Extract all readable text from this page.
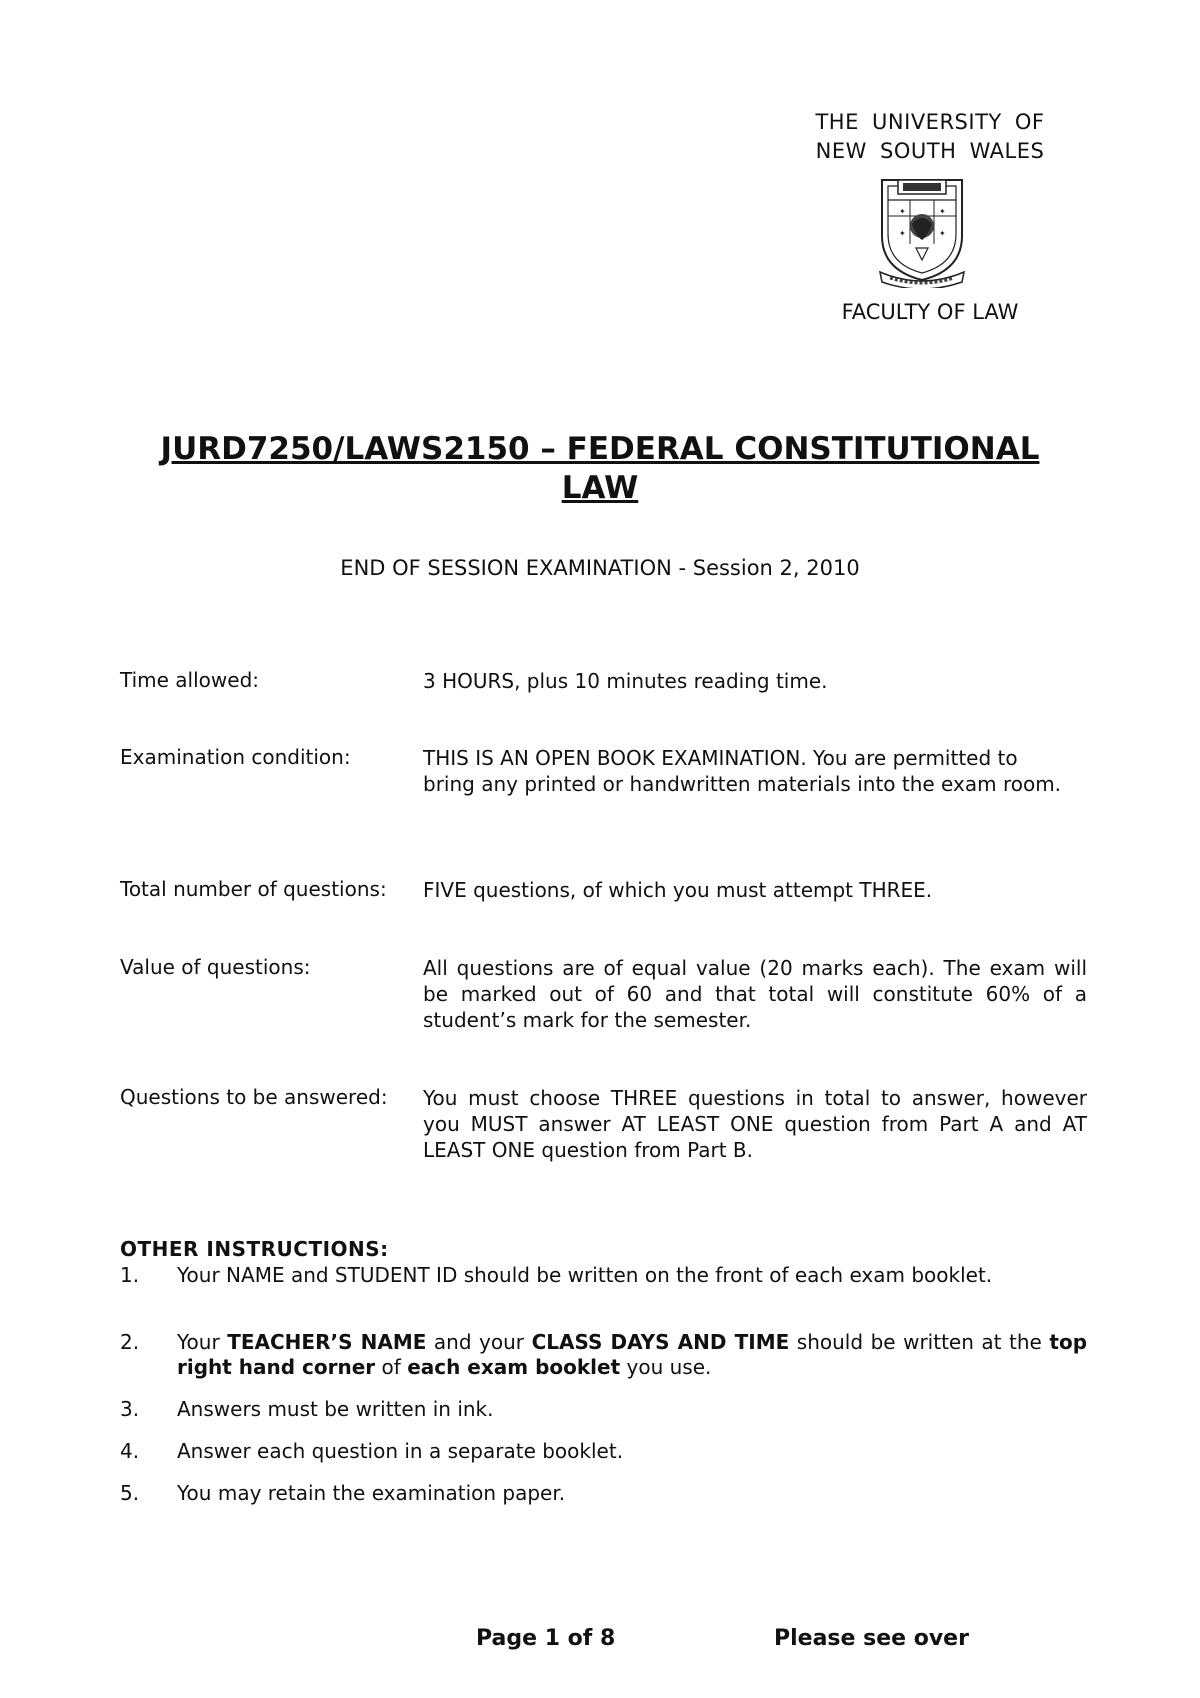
THE UNIVERSITY OF
NEW SOUTH WALES
✦	✦
✦	✦
FACULTY OF LAW
JURD7250/LAWS2150 – FEDERAL CONSTITUTIONAL
LAW
END OF SESSION EXAMINATION - Session 2, 2010
Time allowed:	3 HOURS, plus 10 minutes reading time.
Examination condition:	THIS IS AN OPEN BOOK EXAMINATION. You are permitted to bring any printed or handwritten materials into the exam room.
Total number of questions: FIVE questions, of which you must attempt THREE.
Value of questions:	All questions are of equal value (20 marks each). The exam will be marked out of 60 and that total will constitute 60% of a student’s mark for the semester.
Questions to be answered: You must choose THREE questions in total to answer, however you MUST answer AT LEAST ONE question from Part A and AT LEAST ONE question from Part B.
OTHER INSTRUCTIONS:
1. Your NAME and STUDENT ID should be written on the front of each exam booklet.
2. Your TEACHER’S NAME and your CLASS DAYS AND TIME should be written at the top right hand corner of each exam booklet you use.
3. Answers must be written in ink.
4. Answer each question in a separate booklet.
5. You may retain the examination paper.
Page 1 of 8	Please see over
